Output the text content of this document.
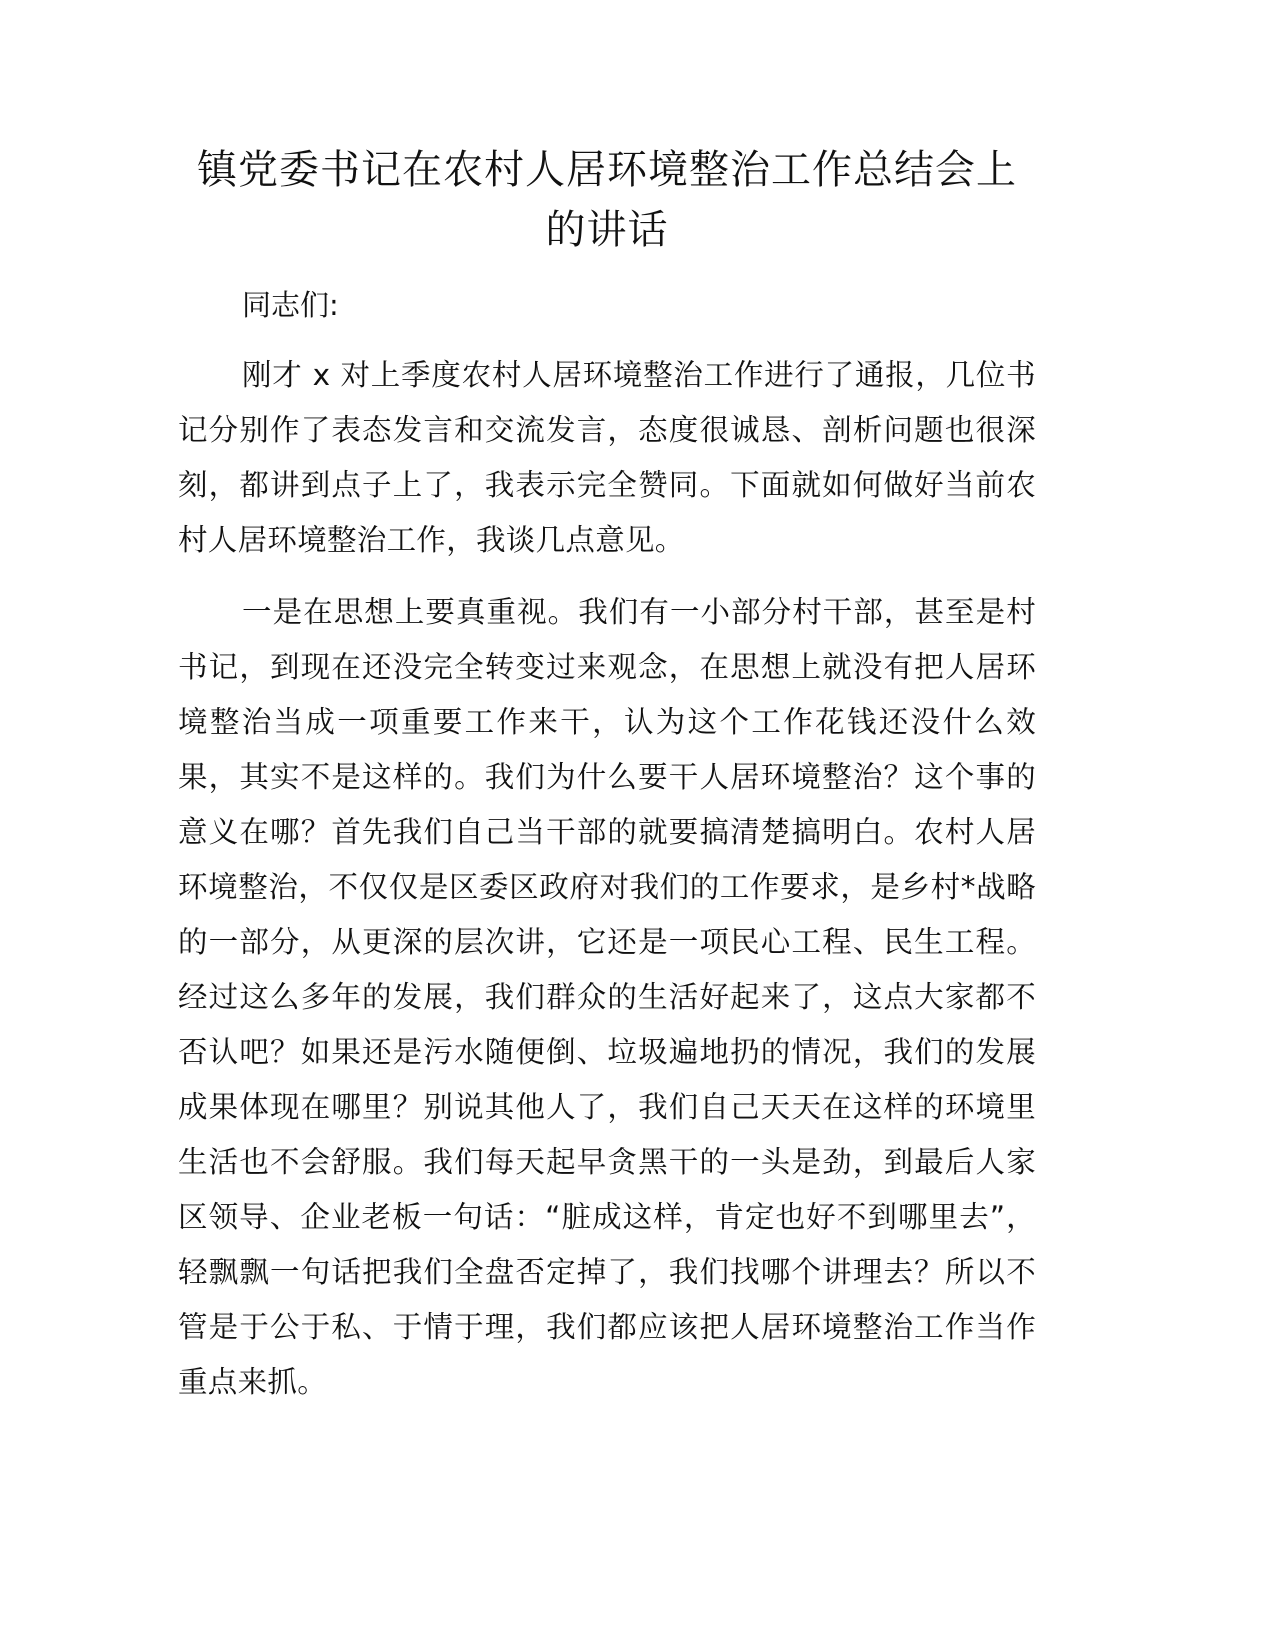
镇党委书记在农村人居环境整治工作总结会上
的讲话

同志们:

刚才 x 对上季度农村人居环境整治工作进行了通报，几位书记分别作了表态发言和交流发言，态度很诚恳、剖析问题也很深刻，都讲到点子上了，我表示完全赞同。下面就如何做好当前农村人居环境整治工作，我谈几点意见。

一是在思想上要真重视。我们有一小部分村干部，甚至是村书记，到现在还没完全转变过来观念，在思想上就没有把人居环境整治当成一项重要工作来干，认为这个工作花钱还没什么效果，其实不是这样的。我们为什么要干人居环境整治？这个事的意义在哪？首先我们自己当干部的就要搞清楚搞明白。农村人居环境整治，不仅仅是区委区政府对我们的工作要求，是乡村*战略的一部分，从更深的层次讲，它还是一项民心工程、民生工程。经过这么多年的发展，我们群众的生活好起来了，这点大家都不否认吧？如果还是污水随便倒、垃圾遍地扔的情况，我们的发展成果体现在哪里？别说其他人了，我们自己天天在这样的环境里生活也不会舒服。我们每天起早贪黑干的一头是劲，到最后人家区领导、企业老板一句话：“脏成这样，肯定也好不到哪里去”，轻飘飘一句话把我们全盘否定掉了，我们找哪个讲理去？所以不管是于公于私、于情于理，我们都应该把人居环境整治工作当作重点来抓。
